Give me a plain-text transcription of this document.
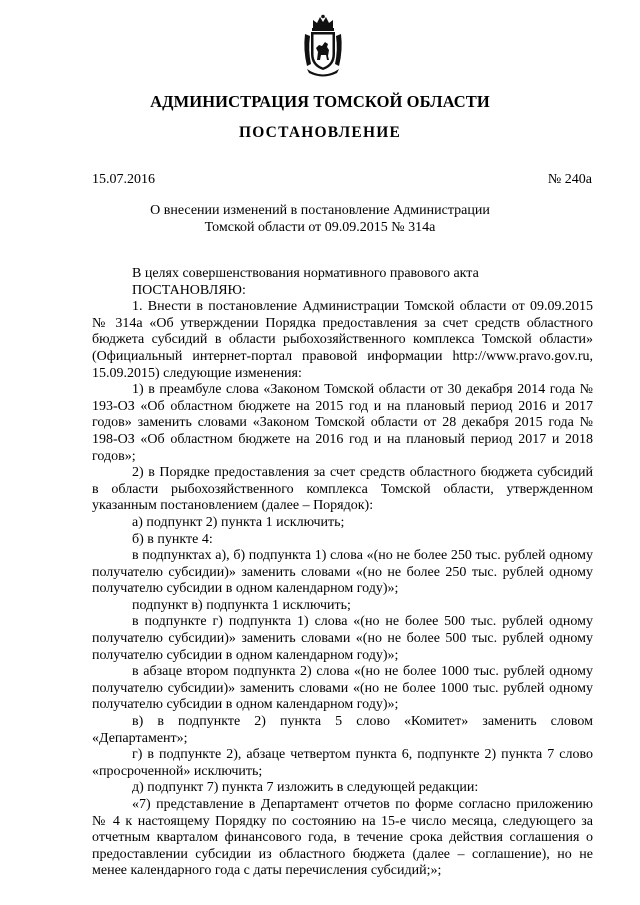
АДМИНИСТРАЦИЯ ТОМСКОЙ ОБЛАСТИ
ПОСТАНОВЛЕНИЕ
15.07.2016	№ 240а
О внесении изменений в постановление Администрации
Томской области от 09.09.2015 № 314а

В целях совершенствования нормативного правового акта

ПОСТАНОВЛЯЮ:

1. Внести в постановление Администрации Томской области от 09.09.2015 № 314а «Об утверждении Порядка предоставления за счет средств областного бюджета субсидий в области рыбохозяйственного комплекса Томской области» (Официальный интернет-портал правовой информации http://www.pravo.gov.ru, 15.09.2015) следующие изменения:

1) в преамбуле слова «Законом Томской области от 30 декабря 2014 года № 193-ОЗ «Об областном бюджете на 2015 год и на плановый период 2016 и 2017 годов» заменить словами «Законом Томской области от 28 декабря 2015 года № 198-ОЗ «Об областном бюджете на 2016 год и на плановый период 2017 и 2018 годов»;

2) в Порядке предоставления за счет средств областного бюджета субсидий в области рыбохозяйственного комплекса Томской области, утвержденном указанным постановлением (далее – Порядок):

а) подпункт 2) пункта 1 исключить;

б) в пункте 4:

в подпунктах а), б) подпункта 1) слова «(но не более 250 тыс. рублей одному получателю субсидии)» заменить словами «(но не более 250 тыс. рублей одному получателю субсидии в одном календарном году)»;

подпункт в) подпункта 1 исключить;

в подпункте г) подпункта 1) слова «(но не более 500 тыс. рублей одному получателю субсидии)» заменить словами «(но не более 500 тыс. рублей одному получателю субсидии в одном календарном году)»;

в абзаце втором подпункта 2) слова «(но не более 1000 тыс. рублей одному получателю субсидии)» заменить словами «(но не более 1000 тыс. рублей одному получателю субсидии в одном календарном году)»;

в) в подпункте 2) пункта 5 слово «Комитет» заменить словом «Департамент»;

г) в подпункте 2), абзаце четвертом пункта 6, подпункте 2) пункта 7 слово «просроченной» исключить;

д) подпункт 7) пункта 7 изложить в следующей редакции:

«7) представление в Департамент отчетов по форме согласно приложению № 4 к настоящему Порядку по состоянию на 15-е число месяца, следующего за отчетным кварталом финансового года, в течение срока действия соглашения о предоставлении субсидии из областного бюджета (далее – соглашение), но не менее календарного года с даты перечисления субсидий;»;
